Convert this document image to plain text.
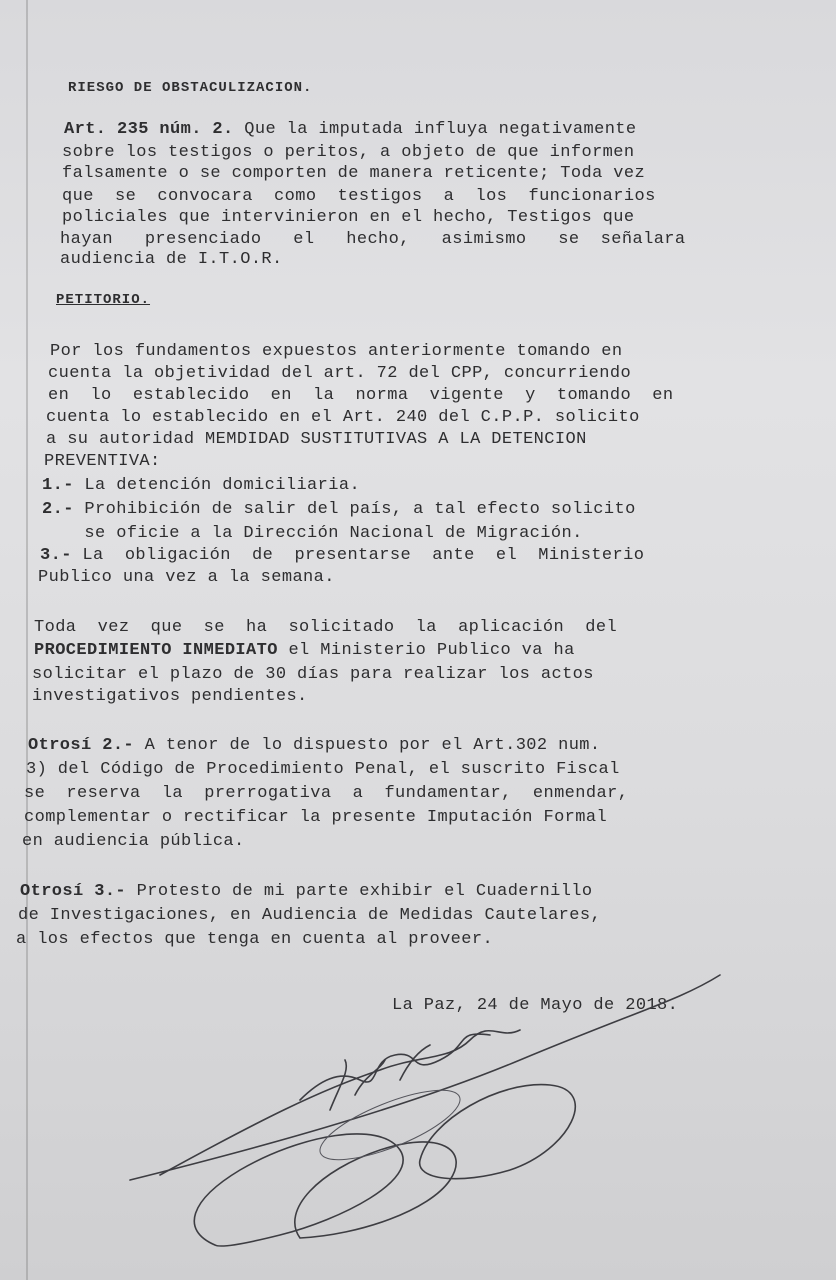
RIESGO DE OBSTACULIZACION.
Art. 235 núm. 2. Que la imputada influya negativamente
sobre los testigos o peritos, a objeto de que informen
falsamente o se comporten de manera reticente; Toda vez
que  se  convocara  como  testigos  a  los  funcionarios
policiales que intervinieron en el hecho, Testigos que
hayan   presenciado   el   hecho,   asimismo   se  señalara
audiencia de I.T.O.R.
PETITORIO.
Por los fundamentos expuestos anteriormente tomando en
cuenta la objetividad del art. 72 del CPP, concurriendo
en  lo  establecido  en  la  norma  vigente  y  tomando  en
cuenta lo establecido en el Art. 240 del C.P.P. solicito
a su autoridad MEMDIDAD SUSTITUTIVAS A LA DETENCION
PREVENTIVA:
1.- La detención domiciliaria.
2.- Prohibición de salir del país, a tal efecto solicito
se oficie a la Dirección Nacional de Migración.
3.- La  obligación  de  presentarse  ante  el  Ministerio
Publico una vez a la semana.
Toda  vez  que  se  ha  solicitado  la  aplicación  del
PROCEDIMIENTO INMEDIATO el Ministerio Publico va ha
solicitar el plazo de 30 días para realizar los actos
investigativos pendientes.
Otrosí 2.- A tenor de lo dispuesto por el Art.302 num.
3) del Código de Procedimiento Penal, el suscrito Fiscal
se  reserva  la  prerrogativa  a  fundamentar,  enmendar,
complementar o rectificar la presente Imputación Formal
en audiencia pública.
Otrosí 3.- Protesto de mi parte exhibir el Cuadernillo
de Investigaciones, en Audiencia de Medidas Cautelares,
a los efectos que tenga en cuenta al proveer.
La Paz, 24 de Mayo de 2018.
